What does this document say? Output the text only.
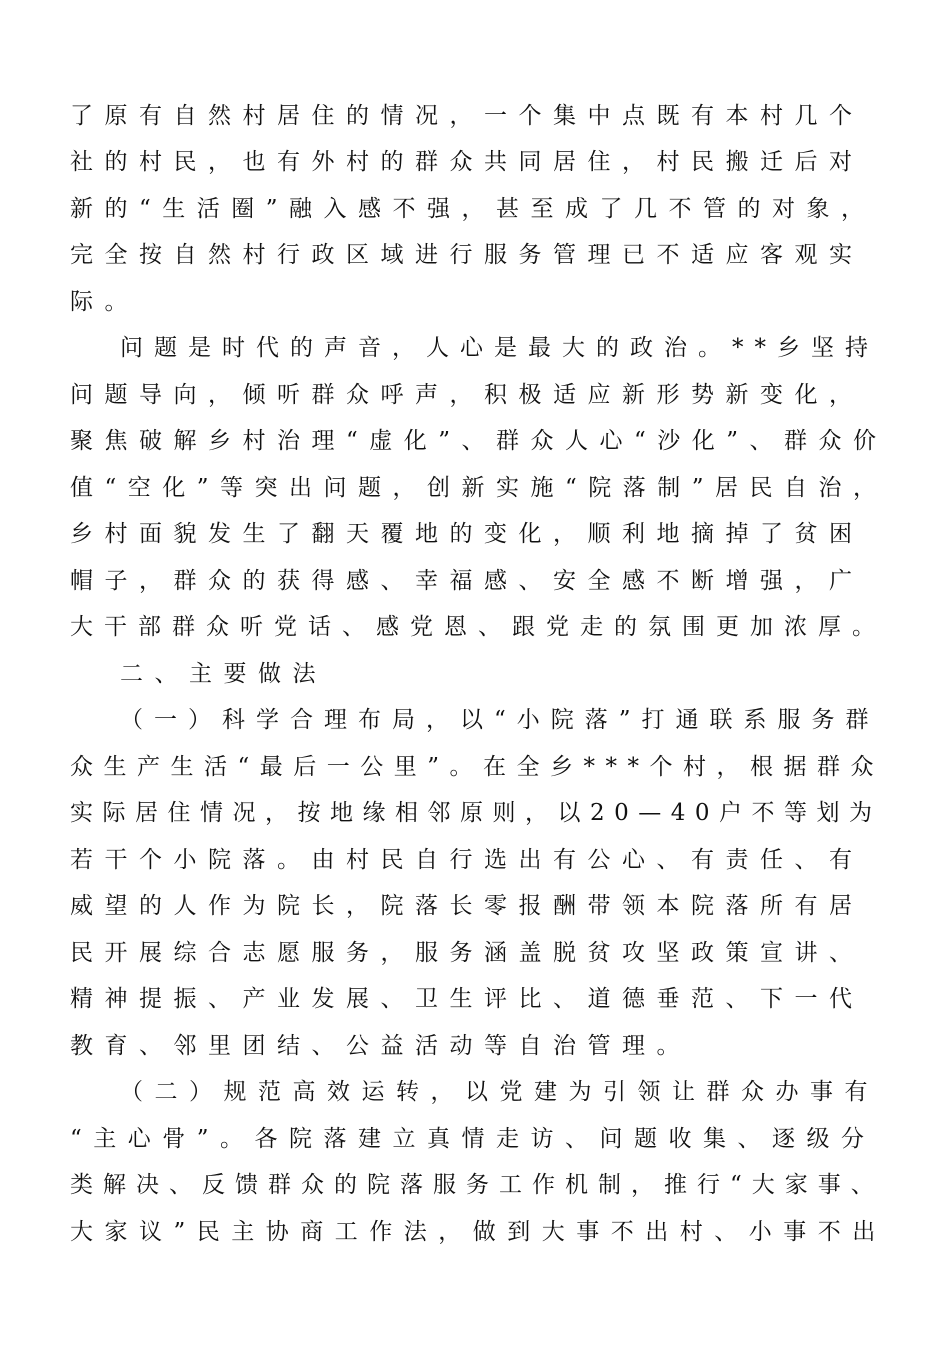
了原有自然村居住的情况，一个集中点既有本村几个
社的村民，也有外村的群众共同居住，村民搬迁后对
新的“生活圈”融入感不强，甚至成了几不管的对象，
完全按自然村行政区域进行服务管理已不适应客观实
际。
问题是时代的声音，人心是最大的政治。**乡坚持
问题导向，倾听群众呼声，积极适应新形势新变化，
聚焦破解乡村治理“虚化”、群众人心“沙化”、群众价
值“空化”等突出问题，创新实施“院落制”居民自治，
乡村面貌发生了翻天覆地的变化，顺利地摘掉了贫困
帽子，群众的获得感、幸福感、安全感不断增强，广
大干部群众听党话、感党恩、跟党走的氛围更加浓厚。
二、主要做法
（一）科学合理布局，以“小院落”打通联系服务群
众生产生活“最后一公里”。在全乡***个村，根据群众
实际居住情况，按地缘相邻原则，以20—40户不等划为
若干个小院落。由村民自行选出有公心、有责任、有
威望的人作为院长，院落长零报酬带领本院落所有居
民开展综合志愿服务，服务涵盖脱贫攻坚政策宣讲、
精神提振、产业发展、卫生评比、道德垂范、下一代
教育、邻里团结、公益活动等自治管理。
（二）规范高效运转，以党建为引领让群众办事有
“主心骨”。各院落建立真情走访、问题收集、逐级分
类解决、反馈群众的院落服务工作机制，推行“大家事、
大家议”民主协商工作法，做到大事不出村、小事不出
